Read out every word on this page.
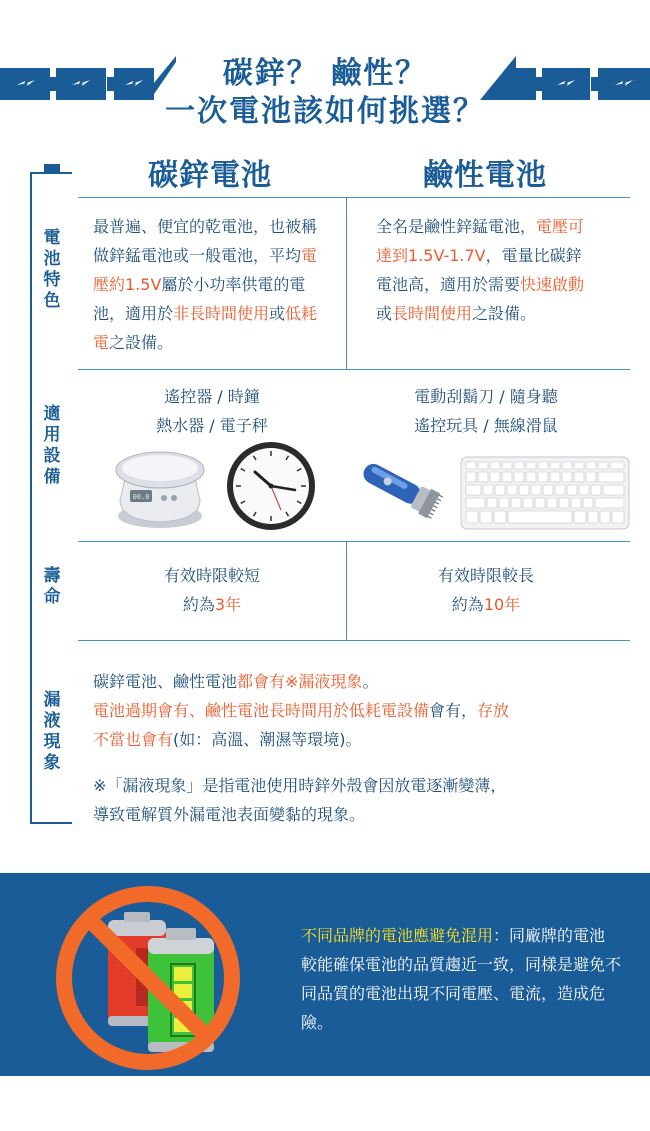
碳鋅？ 鹼性？
一次電池該如何挑選？
電
池
特
色
適
用
設
備
壽
命
漏
液
現
象
碳鋅電池	鹼性電池
最普遍、便宜的乾電池，也被稱做鋅錳電池或一般電池，平均電壓約1.5V屬於小功率供電的電池，適用於非長時間使用或低耗電之設備。
全名是鹼性鋅錳電池，電壓可達到1.5V-1.7V，電量比碳鋅電池高，適用於需要快速啟動或長時間使用之設備。
遙控器 / 時鐘
熱水器 / 電子秤
電動刮鬍刀 / 隨身聽
遙控玩具 / 無線滑鼠
00.0
有效時限較短
約為3年
有效時限較長
約為10年
碳鋅電池、鹼性電池都會有※漏液現象。
電池過期會有、鹼性電池長時間用於低耗電設備會有，存放
不當也會有(如：高溫、潮濕等環境)。
※「漏液現象」是指電池使用時鋅外殼會因放電逐漸變薄，
導致電解質外漏電池表面變黏的現象。
不同品牌的電池應避免混用：同廠牌的電池較能確保電池的品質趨近一致，同樣是避免不同品質的電池出現不同電壓、電流，造成危險。
